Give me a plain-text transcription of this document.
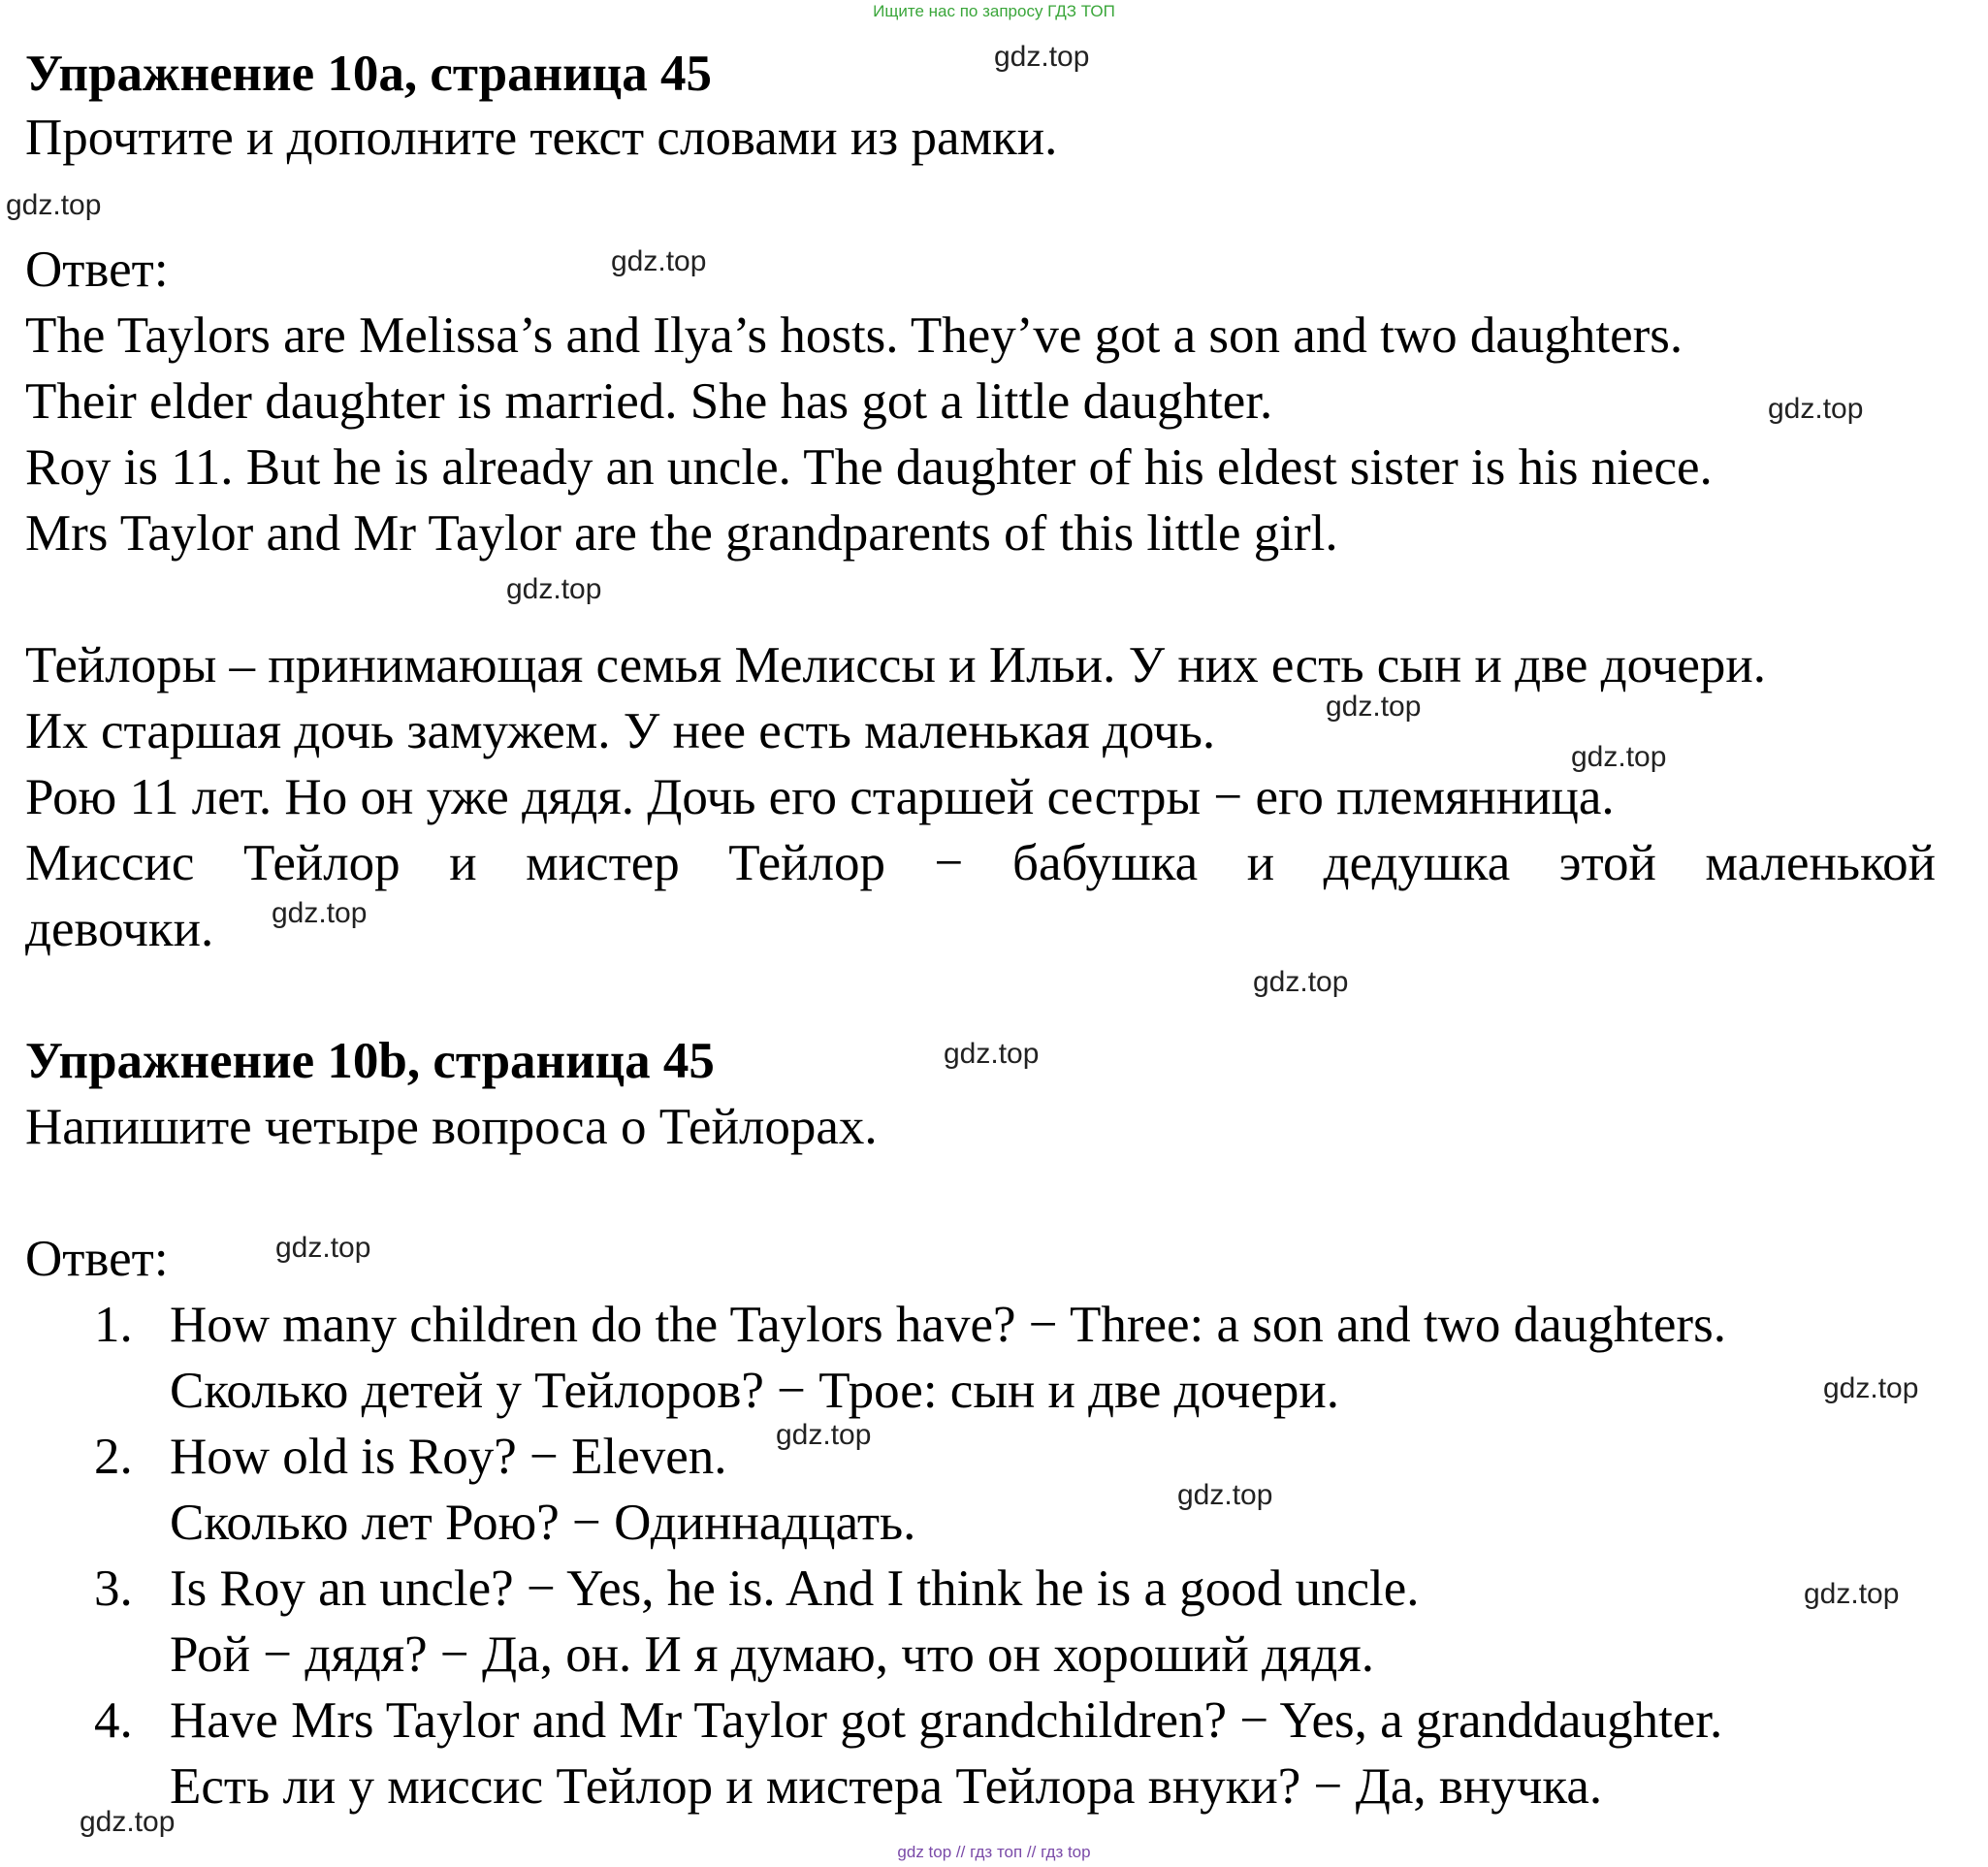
Ищите нас по запросу ГДЗ ТОП
Упражнение 10a, страница 45
Прочтите и дополните текст словами из рамки.
Ответ:
The Taylors are Melissa’s and Ilya’s hosts. They’ve got a son and two daughters.
Their elder daughter is married. She has got a little daughter.
Roy is 11. But he is already an uncle. The daughter of his eldest sister is his niece.
Mrs Taylor and Mr Taylor are the grandparents of this little girl.
Тейлоры – принимающая семья Мелиссы и Ильи. У них есть сын и две дочери.
Их старшая дочь замужем. У нее есть маленькая дочь.
Рою 11 лет. Но он уже дядя. Дочь его старшей сестры − его племянница.
Миссис Тейлор и мистер Тейлор − бабушка и дедушка этой маленькой
девочки.
Упражнение 10b, страница 45
Напишите четыре вопроса о Тейлорах.
Ответ:
1. How many children do the Taylors have? − Three: a son and two daughters.
Сколько детей у Тейлоров? − Трое: сын и две дочери.
2. How old is Roy? − Eleven.
Сколько лет Рою? − Одиннадцать.
3. Is Roy an uncle? − Yes, he is. And I think he is a good uncle.
Рой − дядя? − Да, он. И я думаю, что он хороший дядя.
4. Have Mrs Taylor and Mr Taylor got grandchildren? − Yes, a granddaughter.
Есть ли у миссис Тейлор и мистера Тейлора внуки? − Да, внучка.
gdz.top
gdz.top
gdz.top
gdz.top
gdz.top
gdz.top
gdz.top
gdz.top
gdz.top
gdz.top
gdz.top
gdz.top
gdz.top
gdz.top
gdz.top
gdz.top
gdz top // гдз топ // гдз top
